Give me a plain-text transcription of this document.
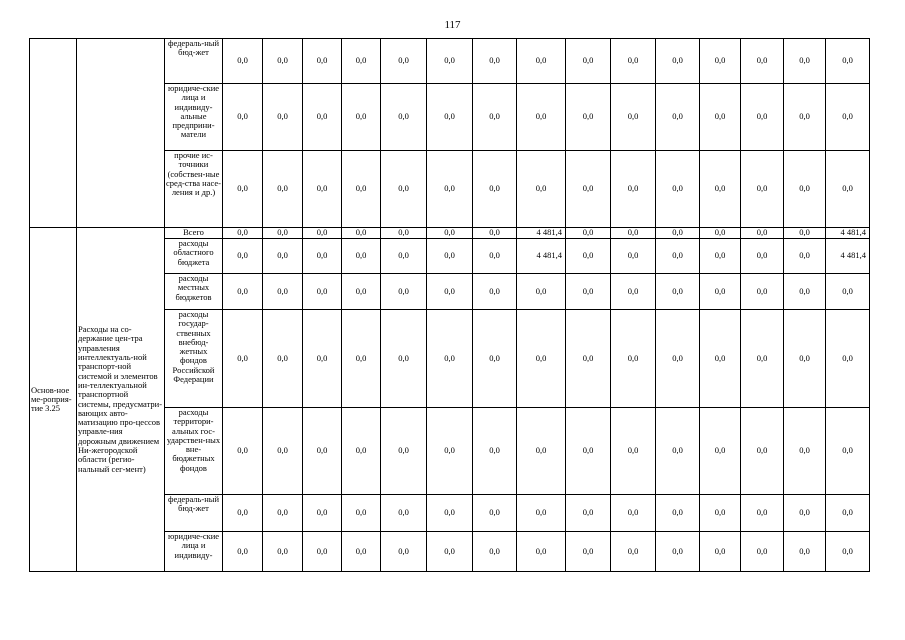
117
		федераль-ный бюд-жет	0,0	0,0	0,0	0,0	0,0	0,0	0,0	0,0	0,0	0,0	0,0	0,0	0,0	0,0	0,0
		юридиче-ские лица и индивиду-альные предприни-матели	0,0	0,0	0,0	0,0	0,0	0,0	0,0	0,0	0,0	0,0	0,0	0,0	0,0	0,0	0,0
		прочие ис-точники (собствен-ные сред-ства насе-ления и др.)	0,0	0,0	0,0	0,0	0,0	0,0	0,0	0,0	0,0	0,0	0,0	0,0	0,0	0,0	0,0
Основ-ное ме-роприя-тие 3.25	Расходы на со-держание цен-тра управления интеллектуаль-ной транспорт-ной системой и элементов ин-теллектуальной транспортной системы, предусматри-вающих авто-матизацию про-цессов управле-ния дорожным движением Ни-жегородской области (регио-нальный сег-мент)	Всего	0,0	0,0	0,0	0,0	0,0	0,0	0,0	4 481,4	0,0	0,0	0,0	0,0	0,0	0,0	4 481,4
		расходы областного бюджета	0,0	0,0	0,0	0,0	0,0	0,0	0,0	4 481,4	0,0	0,0	0,0	0,0	0,0	0,0	4 481,4
		расходы местных бюджетов	0,0	0,0	0,0	0,0	0,0	0,0	0,0	0,0	0,0	0,0	0,0	0,0	0,0	0,0	0,0
		расходы государ-ственных внебюд-жетных фондов Российской Федерации	0,0	0,0	0,0	0,0	0,0	0,0	0,0	0,0	0,0	0,0	0,0	0,0	0,0	0,0	0,0
		расходы территори-альных гос-ударствен-ных вне-бюджетных фондов	0,0	0,0	0,0	0,0	0,0	0,0	0,0	0,0	0,0	0,0	0,0	0,0	0,0	0,0	0,0
		федераль-ный бюд-жет	0,0	0,0	0,0	0,0	0,0	0,0	0,0	0,0	0,0	0,0	0,0	0,0	0,0	0,0	0,0
		юридиче-ские лица и индивиду-	0,0	0,0	0,0	0,0	0,0	0,0	0,0	0,0	0,0	0,0	0,0	0,0	0,0	0,0	0,0
